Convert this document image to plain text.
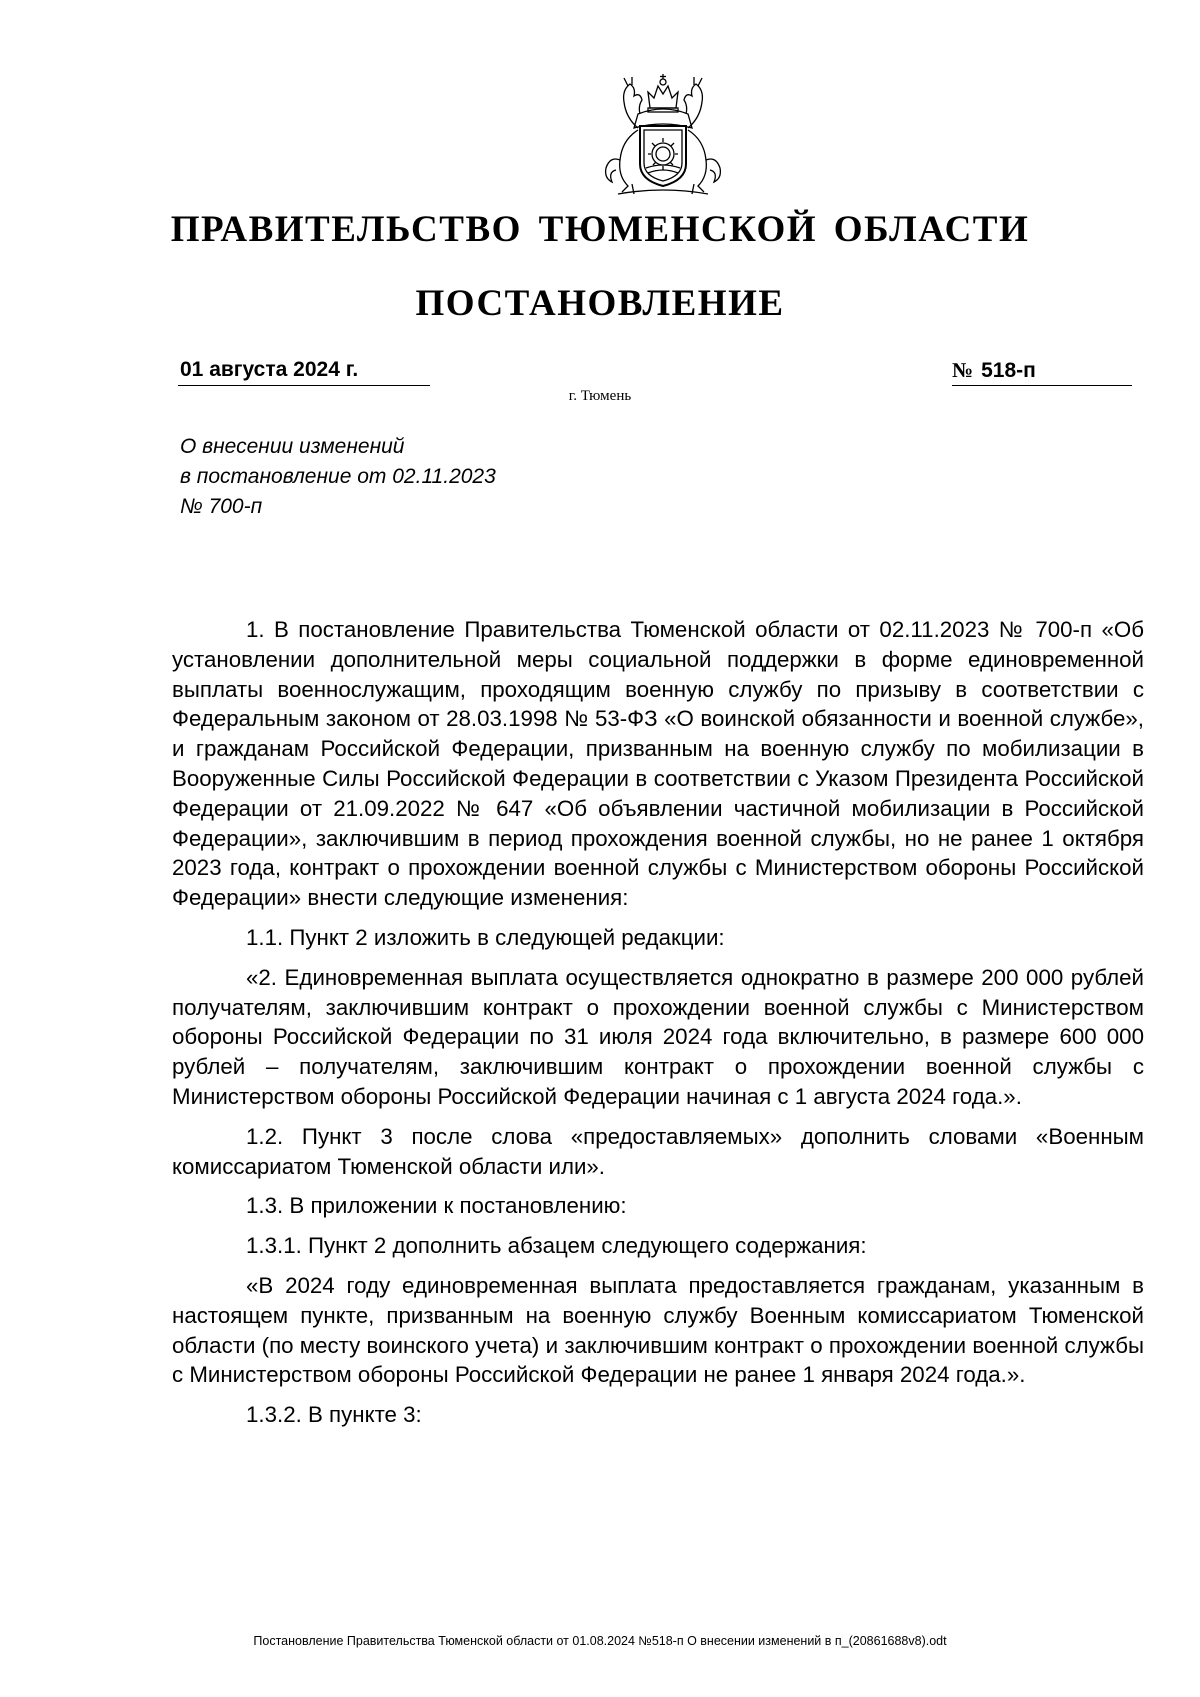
ПРАВИТЕЛЬСТВО ТЮМЕНСКОЙ ОБЛАСТИ
ПОСТАНОВЛЕНИЕ
01 августа 2024 г.	№ 518-п
г. Тюмень
О внесении изменений
в постановление от 02.11.2023
№ 700-п

1. В постановление Правительства Тюменской области от 02.11.2023 № 700-п «Об установлении дополнительной меры социальной поддержки в форме единовременной выплаты военнослужащим, проходящим военную службу по призыву в соответствии с Федеральным законом от 28.03.1998 № 53-ФЗ «О воинской обязанности и военной службе», и гражданам Российской Федерации, призванным на военную службу по мобилизации в Вооруженные Силы Российской Федерации в соответствии с Указом Президента Российской Федерации от 21.09.2022 № 647 «Об объявлении частичной мобилизации в Российской Федерации», заключившим в период прохождения военной службы, но не ранее 1 октября 2023 года, контракт о прохождении военной службы с Министерством обороны Российской Федерации» внести следующие изменения:

1.1. Пункт 2 изложить в следующей редакции:

«2. Единовременная выплата осуществляется однократно в размере 200 000 рублей получателям, заключившим контракт о прохождении военной службы с Министерством обороны Российской Федерации по 31 июля 2024 года включительно, в размере 600 000 рублей – получателям, заключившим контракт о прохождении военной службы с Министерством обороны Российской Федерации начиная с 1 августа 2024 года.».

1.2. Пункт 3 после слова «предоставляемых» дополнить словами «Военным комиссариатом Тюменской области или».

1.3. В приложении к постановлению:

1.3.1. Пункт 2 дополнить абзацем следующего содержания:

«В 2024 году единовременная выплата предоставляется гражданам, указанным в настоящем пункте, призванным на военную службу Военным комиссариатом Тюменской области (по месту воинского учета) и заключившим контракт о прохождении военной службы с Министерством обороны Российской Федерации не ранее 1 января 2024 года.».

1.3.2. В пункте 3:

Постановление Правительства Тюменской области от 01.08.2024 №518-п О внесении изменений в п_(20861688v8).odt
